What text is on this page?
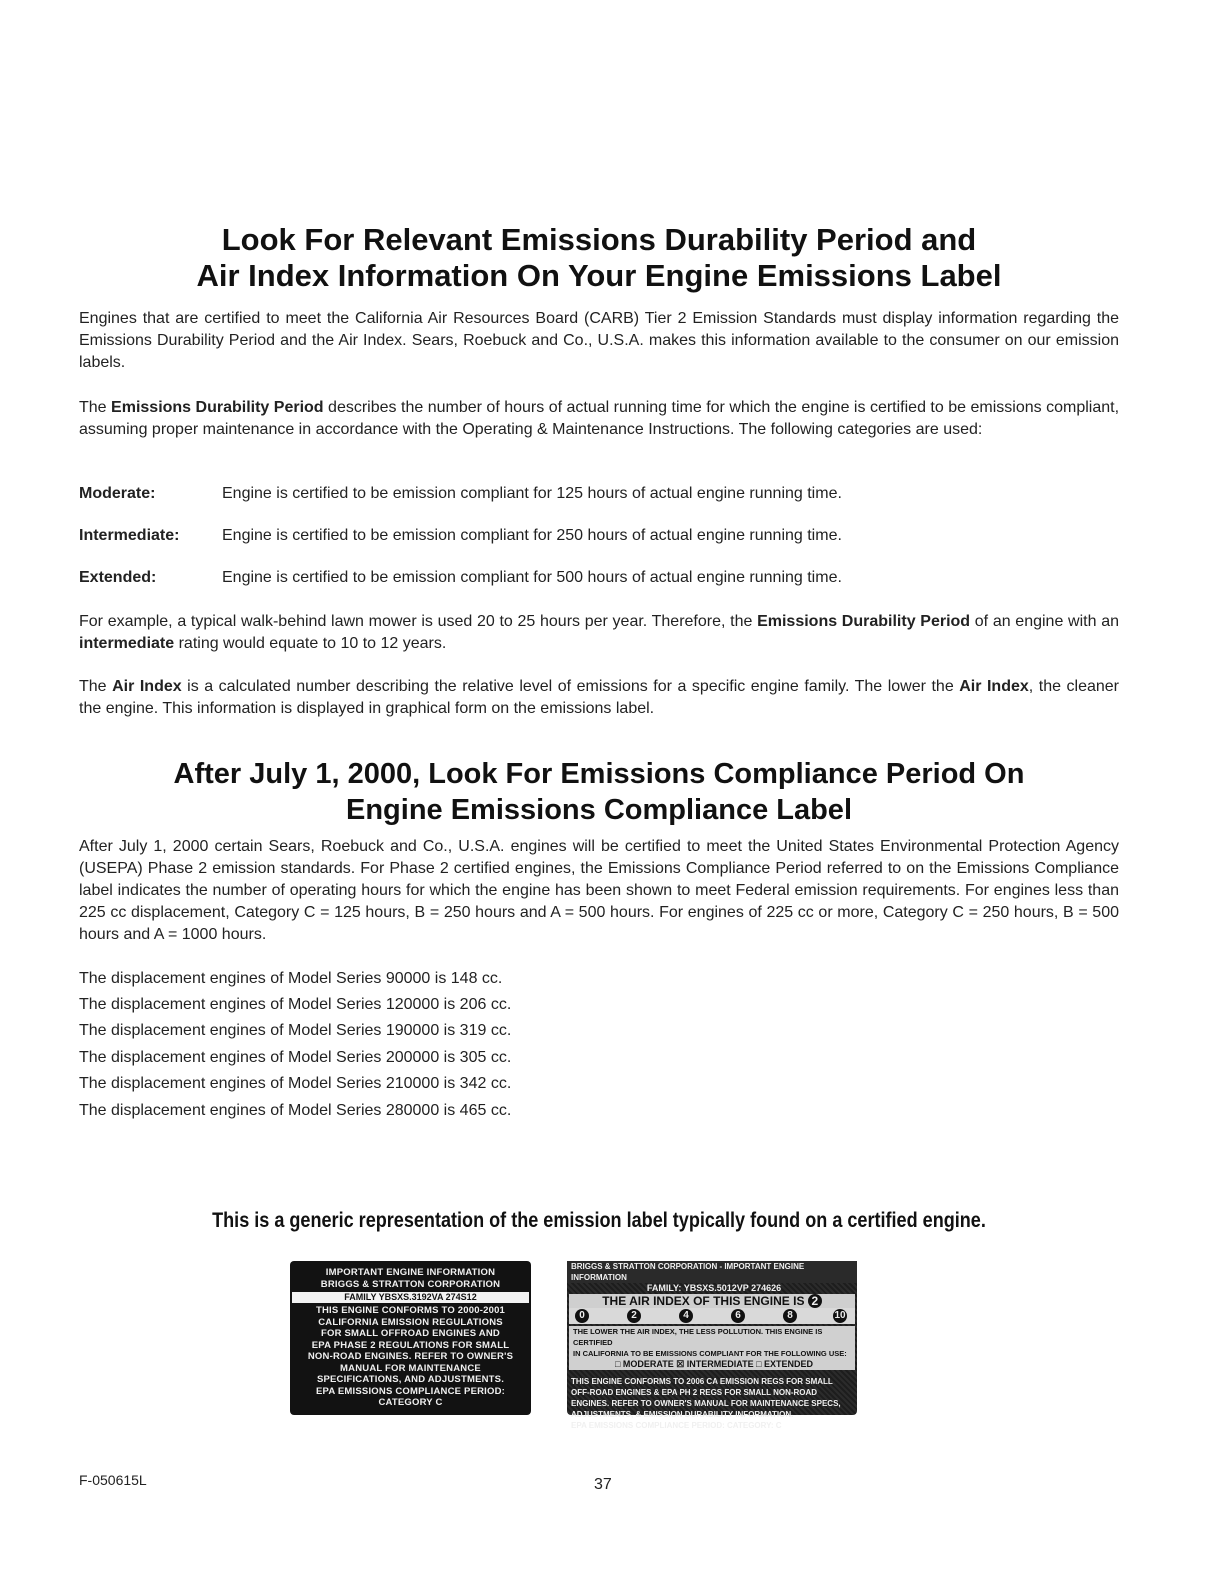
Look For Relevant Emissions Durability Period and
Air Index Information On Your Engine Emissions Label

Engines that are certified to meet the California Air Resources Board (CARB) Tier 2 Emission Standards must display information regarding the Emissions Durability Period and the Air Index. Sears, Roebuck and Co., U.S.A. makes this information available to the consumer on our emission labels.

The Emissions Durability Period describes the number of hours of actual running time for which the engine is certified to be emissions compliant, assuming proper maintenance in accordance with the Operating & Maintenance Instructions. The following categories are used:

Moderate:	Engine is certified to be emission compliant for 125 hours of actual engine running time.
Intermediate:	Engine is certified to be emission compliant for 250 hours of actual engine running time.
Extended:	Engine is certified to be emission compliant for 500 hours of actual engine running time.

For example, a typical walk-behind lawn mower is used 20 to 25 hours per year. Therefore, the Emissions Durability Period of an engine with an intermediate rating would equate to 10 to 12 years.

The Air Index is a calculated number describing the relative level of emissions for a specific engine family. The lower the Air Index, the cleaner the engine. This information is displayed in graphical form on the emissions label.

After July 1, 2000, Look For Emissions Compliance Period On
Engine Emissions Compliance Label

After July 1, 2000 certain Sears, Roebuck and Co., U.S.A. engines will be certified to meet the United States Environmental Protection Agency (USEPA) Phase 2 emission standards. For Phase 2 certified engines, the Emissions Compliance Period referred to on the Emissions Compliance label indicates the number of operating hours for which the engine has been shown to meet Federal emission requirements. For engines less than 225 cc displacement, Category C = 125 hours, B = 250 hours and A = 500 hours. For engines of 225 cc or more, Category C = 250 hours, B = 500 hours and A = 1000 hours.

The displacement engines of Model Series 90000 is 148 cc.
The displacement engines of Model Series 120000 is 206 cc.
The displacement engines of Model Series 190000 is 319 cc.
The displacement engines of Model Series 200000 is 305 cc.
The displacement engines of Model Series 210000 is 342 cc.
The displacement engines of Model Series 280000 is 465 cc.
This is a generic representation of the emission label typically found on a certified engine.
IMPORTANT ENGINE INFORMATION
BRIGGS & STRATTON CORPORATION
FAMILY YBSXS.3192VA 274S12
THIS ENGINE CONFORMS TO 2000-2001
CALIFORNIA EMISSION REGULATIONS
FOR SMALL OFFROAD ENGINES AND
EPA PHASE 2 REGULATIONS FOR SMALL
NON-ROAD ENGINES. REFER TO OWNER'S
MANUAL FOR MAINTENANCE
SPECIFICATIONS, AND ADJUSTMENTS.
EPA EMISSIONS COMPLIANCE PERIOD:
CATEGORY C
BRIGGS & STRATTON CORPORATION - IMPORTANT ENGINE INFORMATION
FAMILY: YBSXS.5012VP 274626
THE AIR INDEX OF THIS ENGINE IS 2
0	2	4	6	8	10
THE LOWER THE AIR INDEX, THE LESS POLLUTION. THIS ENGINE IS CERTIFIED
IN CALIFORNIA TO BE EMISSIONS COMPLIANT FOR THE FOLLOWING USE:
□ MODERATE ☒ INTERMEDIATE □ EXTENDED
THIS ENGINE CONFORMS TO 2006 CA EMISSION REGS FOR SMALL
OFF-ROAD ENGINES & EPA PH 2 REGS FOR SMALL NON-ROAD
ENGINES. REFER TO OWNER'S MANUAL FOR MAINTENANCE SPECS,
ADJUSTMENTS, & EMISSION DURABILITY INFORMATION.
EPA EMISSIONS COMPLIANCE PERIOD: CATEGORY: C
F-050615L	37
